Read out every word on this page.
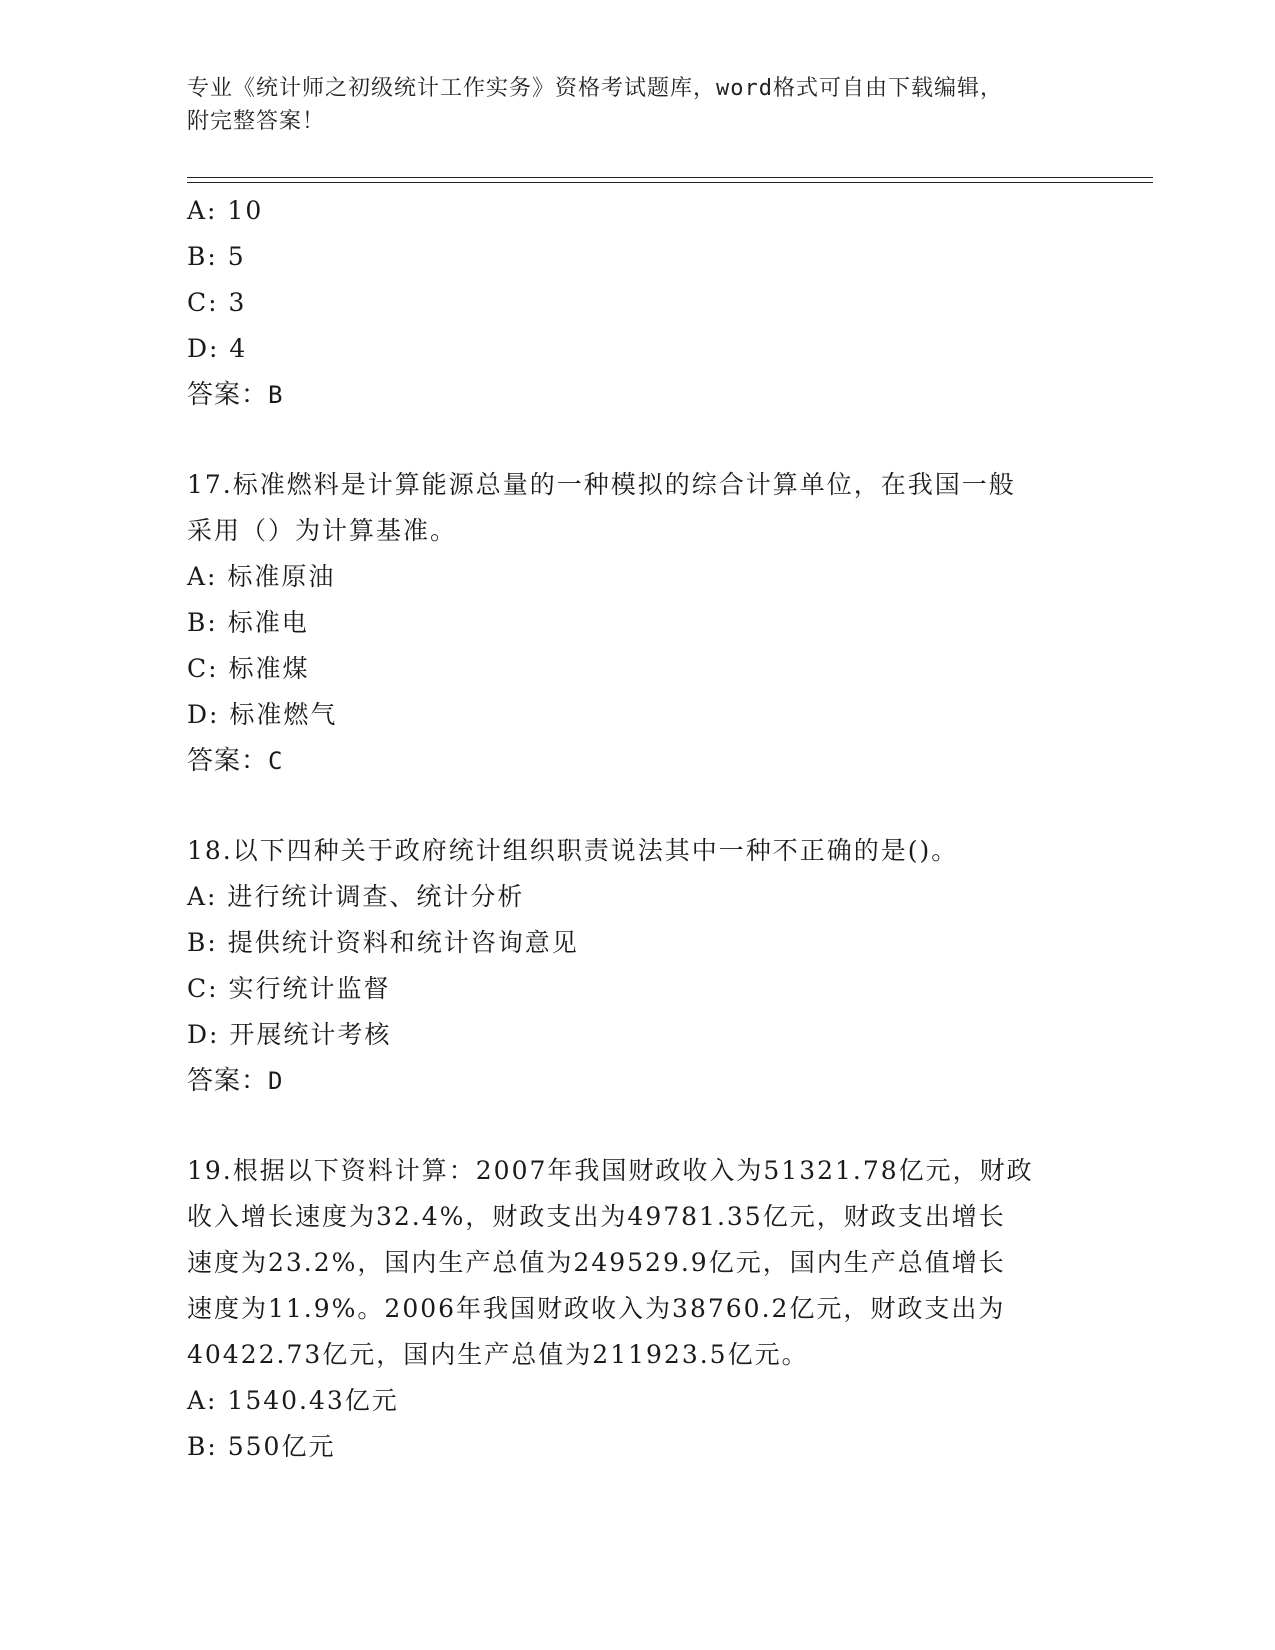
专业《统计师之初级统计工作实务》资格考试题库，word格式可自由下载编辑，
附完整答案！
A: 10
B: 5
C: 3
D: 4
答案：B
17.标准燃料是计算能源总量的一种模拟的综合计算单位，在我国一般
采用（）为计算基准。
A: 标准原油
B: 标准电
C: 标准煤
D: 标准燃气
答案：C
18.以下四种关于政府统计组织职责说法其中一种不正确的是()。
A: 进行统计调查、统计分析
B: 提供统计资料和统计咨询意见
C: 实行统计监督
D: 开展统计考核
答案：D
19.根据以下资料计算：2007年我国财政收入为51321.78亿元，财政
收入增长速度为32.4%，财政支出为49781.35亿元，财政支出增长
速度为23.2%，国内生产总值为249529.9亿元，国内生产总值增长
速度为11.9%。2006年我国财政收入为38760.2亿元，财政支出为
40422.73亿元，国内生产总值为211923.5亿元。
A: 1540.43亿元
B: 550亿元
